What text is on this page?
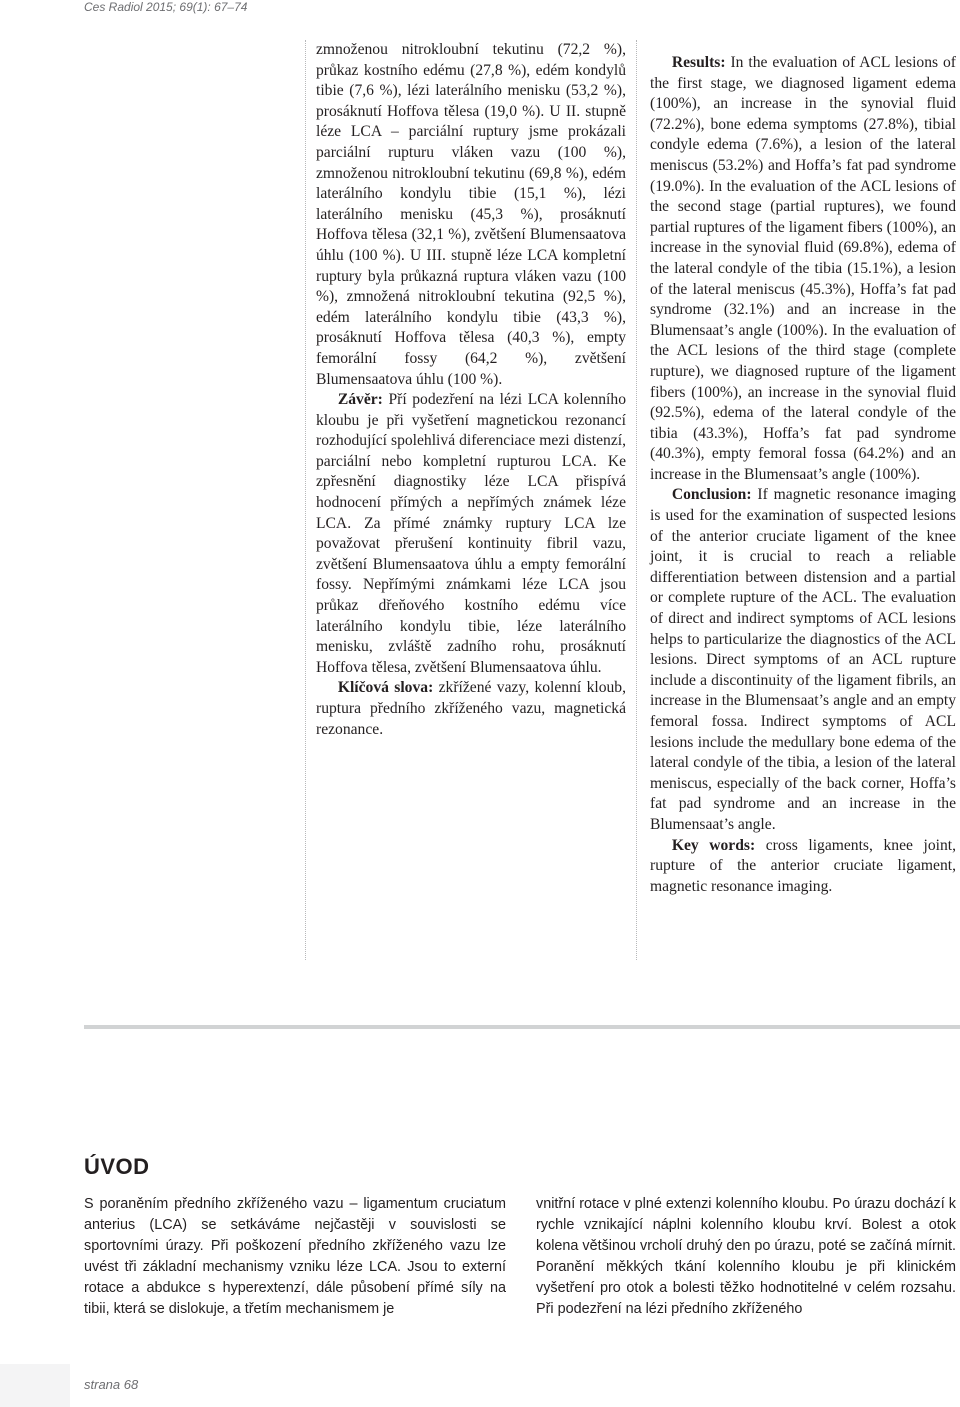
Ces Radiol 2015; 69(1): 67–74

zmnoženou nitrokloubní tekutinu (72,2 %), průkaz kostního edému (27,8 %), edém kondylů tibie (7,6 %), lézi laterálního menisku (53,2 %), prosáknutí Hoffova tělesa (19,0 %). U II. stupně léze LCA – parciální ruptury jsme prokázali parciální rupturu vláken vazu (100 %), zmnoženou nitrokloubní tekutinu (69,8 %), edém laterálního kondylu tibie (15,1 %), lézi laterálního menisku (45,3 %), prosáknutí Hoffova tělesa (32,1 %), zvětšení Blumensaatova úhlu (100 %). U III. stupně léze LCA kompletní ruptury byla průkazná ruptura vláken vazu (100 %), zmnožená nitrokloubní tekutina (92,5 %), edém laterálního kondylu tibie (43,3 %), prosáknutí Hoffova tělesa (40,3 %), empty femorální fossy (64,2 %), zvětšení Blumensaatova úhlu (100 %).

Závěr: Pří podezření na lézi LCA kolenního kloubu je při vyšetření magnetickou rezonancí rozhodující spolehlivá diferenciace mezi distenzí, parciální nebo kompletní rupturou LCA. Ke zpřesnění diagnostiky léze LCA přispívá hodnocení přímých a nepřímých známek léze LCA. Za přímé známky ruptury LCA lze považovat přerušení kontinuity fibril vazu, zvětšení Blumensaatova úhlu a empty femorální fossy. Nepřímými známkami léze LCA jsou průkaz dřeňového kostního edému více laterálního kondylu tibie, léze laterálního menisku, zvláště zadního rohu, prosáknutí Hoffova tělesa, zvětšení Blumensaatova úhlu.

Klíčová slova: zkřížené vazy, kolenní kloub, ruptura předního zkříženého vazu, magnetická rezonance.

Results: In the evaluation of ACL lesions of the first stage, we diagnosed ligament edema (100%), an increase in the synovial fluid (72.2%), bone edema symptoms (27.8%), tibial condyle edema (7.6%), a lesion of the lateral meniscus (53.2%) and Hoffa’s fat pad syndrome (19.0%). In the evaluation of the ACL lesions of the second stage (partial ruptures), we found partial ruptures of the ligament fibers (100%), an increase in the synovial fluid (69.8%), edema of the lateral condyle of the tibia (15.1%), a lesion of the lateral meniscus (45.3%), Hoffa’s fat pad syndrome (32.1%) and an increase in the Blumensaat’s angle (100%). In the evaluation of the ACL lesions of the third stage (complete rupture), we diagnosed rupture of the ligament fibers (100%), an increase in the synovial fluid (92.5%), edema of the lateral condyle of the tibia (43.3%), Hoffa’s fat pad syndrome (40.3%), empty femoral fossa (64.2%) and an increase in the Blumensaat’s angle (100%).

Conclusion: If magnetic resonance imaging is used for the examination of suspected lesions of the anterior cruciate ligament of the knee joint, it is crucial to reach a reliable differentiation between distension and a partial or complete rupture of the ACL. The evaluation of direct and indirect symptoms of ACL lesions helps to particularize the diagnostics of the ACL lesions. Direct symptoms of an ACL rupture include a discontinuity of the ligament fibrils, an increase in the Blumensaat’s angle and an empty femoral fossa. Indirect symptoms of ACL lesions include the medullary bone edema of the lateral condyle of the tibia, a lesion of the lateral meniscus, especially of the back corner, Hoffa’s fat pad syndrome and an increase in the Blumensaat’s angle.

Key words: cross ligaments, knee joint, rupture of the anterior cruciate ligament, magnetic resonance imaging.

ÚVOD

S poraněním předního zkříženého vazu – ligamentum cruciatum anterius (LCA) se setkáváme nejčastěji v souvislosti se sportovními úrazy. Při poškození předního zkříženého vazu lze uvést tři základní mechanismy vzniku léze LCA. Jsou to externí rotace a abdukce s hyperextenzí, dále působení přímé síly na tibii, která se dislokuje, a třetím mechanismem je

vnitřní rotace v plné extenzi kolenního kloubu. Po úrazu dochází k rychle vznikající náplni kolenního kloubu krví. Bolest a otok kolena většinou vrcholí druhý den po úrazu, poté se začíná mírnit. Poranění měkkých tkání kolenního kloubu je při klinickém vyšetření pro otok a bolesti těžko hodnotitelné v celém rozsahu. Při podezření na lézi předního zkříženého

strana 68
